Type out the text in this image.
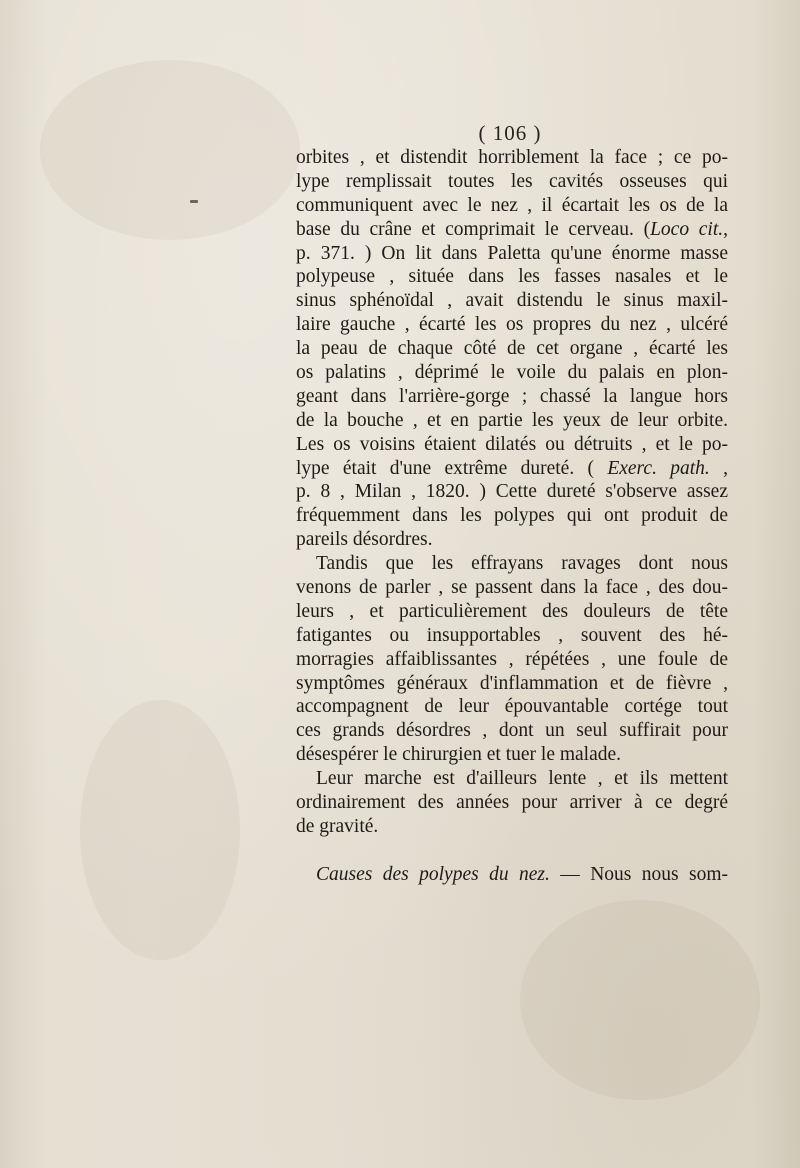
( 106 )
orbites , et distendit horriblement la face ; ce po-
lype remplissait toutes les cavités osseuses qui
communiquent avec le nez , il écartait les os de la
base du crâne et comprimait le cerveau. (Loco cit.,
p. 371. ) On lit dans Paletta qu'une énorme masse
polypeuse , située dans les fasses nasales et le
sinus sphénoïdal , avait distendu le sinus maxil-
laire gauche , écarté les os propres du nez , ulcéré
la peau de chaque côté de cet organe , écarté les
os palatins , déprimé le voile du palais en plon-
geant dans l'arrière-gorge ; chassé la langue hors
de la bouche , et en partie les yeux de leur orbite.
Les os voisins étaient dilatés ou détruits , et le po-
lype était d'une extrême dureté. ( Exerc. path. ,
p. 8 , Milan , 1820. ) Cette dureté s'observe assez
fréquemment dans les polypes qui ont produit de
pareils désordres.
Tandis que les effrayans ravages dont nous
venons de parler , se passent dans la face , des dou-
leurs , et particulièrement des douleurs de tête
fatigantes ou insupportables , souvent des hé-
morragies affaiblissantes , répétées , une foule de
symptômes généraux d'inflammation et de fièvre ,
accompagnent de leur épouvantable cortége tout
ces grands désordres , dont un seul suffirait pour
désespérer le chirurgien et tuer le malade.
Leur marche est d'ailleurs lente , et ils mettent
ordinairement des années pour arriver à ce degré
de gravité.
Causes des polypes du nez. — Nous nous som-
